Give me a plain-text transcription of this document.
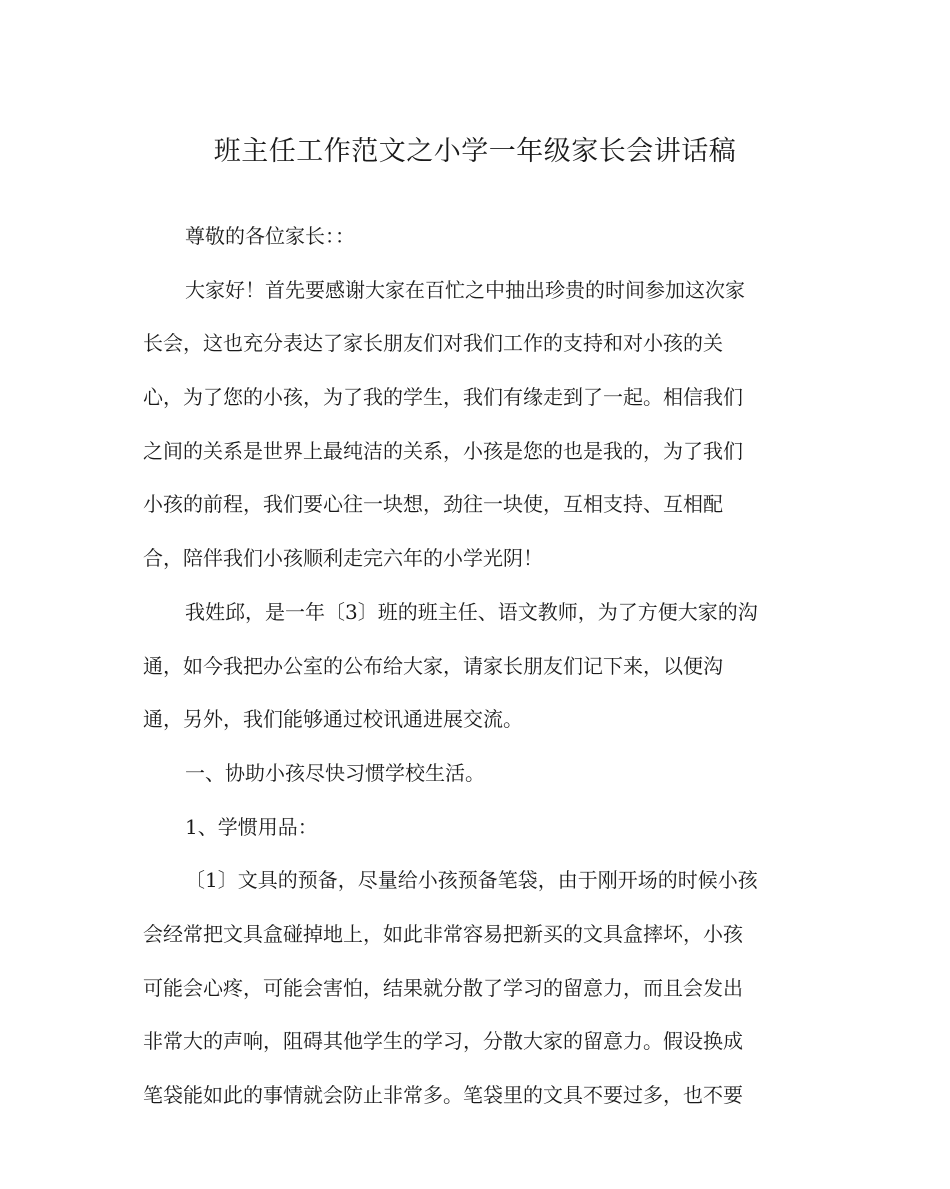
班主任工作范文之小学一年级家长会讲话稿
尊敬的各位家长：：
大家好！首先要感谢大家在百忙之中抽出珍贵的时间参加这次家
长会，这也充分表达了家长朋友们对我们工作的支持和对小孩的关
心，为了您的小孩，为了我的学生，我们有缘走到了一起。相信我们
之间的关系是世界上最纯洁的关系，小孩是您的也是我的，为了我们
小孩的前程，我们要心往一块想，劲往一块使，互相支持、互相配
合，陪伴我们小孩顺利走完六年的小学光阴！
我姓邱，是一年〔3〕班的班主任、语文教师，为了方便大家的沟
通，如今我把办公室的公布给大家，请家长朋友们记下来，以便沟
通，另外，我们能够通过校讯通进展交流。
一、协助小孩尽快习惯学校生活。
1、学惯用品：
〔1〕文具的预备，尽量给小孩预备笔袋，由于刚开场的时候小孩
会经常把文具盒碰掉地上，如此非常容易把新买的文具盒摔坏，小孩
可能会心疼，可能会害怕，结果就分散了学习的留意力，而且会发出
非常大的声响，阻碍其他学生的学习，分散大家的留意力。假设换成
笔袋能如此的事情就会防止非常多。笔袋里的文具不要过多，也不要
